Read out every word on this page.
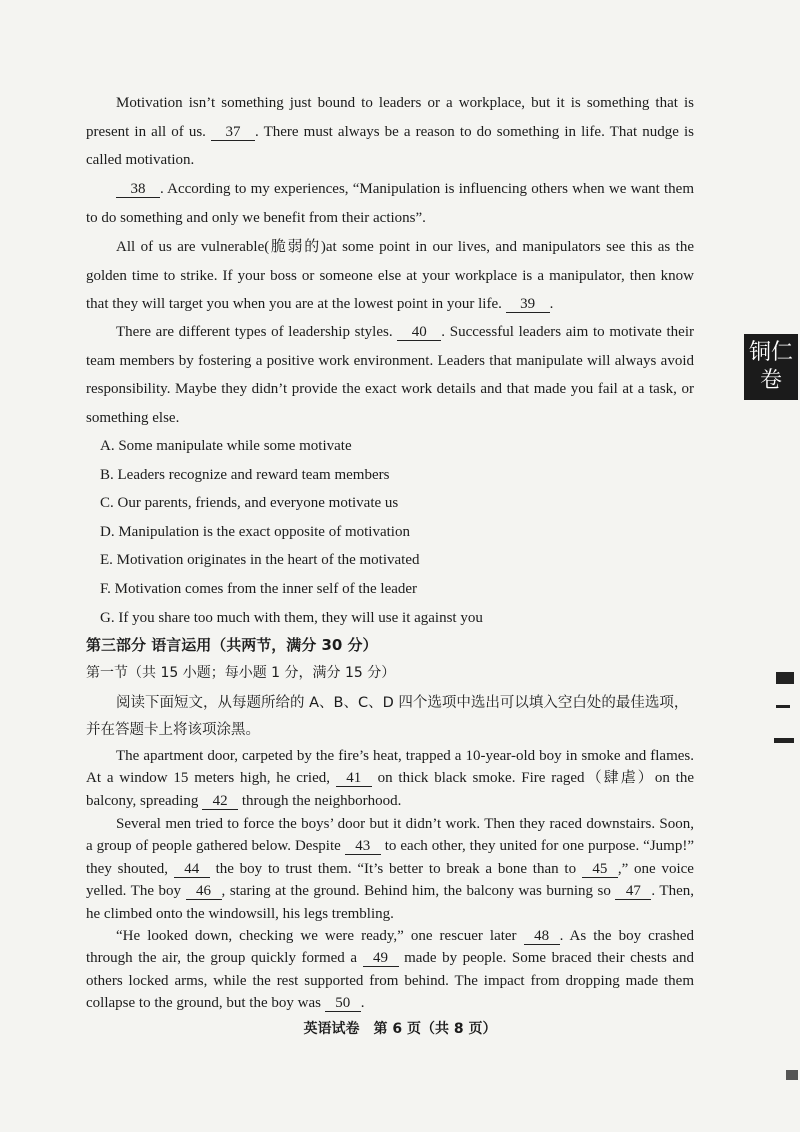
Motivation isn’t something just bound to leaders or a workplace, but it is something that is present in all of us. 37 . There must always be a reason to do something in life. That nudge is called motivation.

38 . According to my experiences, “Manipulation is influencing others when we want them to do something and only we benefit from their actions”.

All of us are vulnerable(脆弱的)at some point in our lives, and manipulators see this as the golden time to strike. If your boss or someone else at your workplace is a manipulator, then know that they will target you when you are at the lowest point in your life. 39 .

There are different types of leadership styles. 40 . Successful leaders aim to motivate their team members by fostering a positive work environment. Leaders that manipulate will always avoid responsibility. Maybe they didn’t provide the exact work details and that made you fail at a task, or something else.

A. Some manipulate while some motivate
B. Leaders recognize and reward team members
C. Our parents, friends, and everyone motivate us
D. Manipulation is the exact opposite of motivation
E. Motivation originates in the heart of the motivated
F. Motivation comes from the inner self of the leader
G. If you share too much with them, they will use it against you
第三部分 语言运用（共两节，满分 30 分）
第一节（共 15 小题；每小题 1 分，满分 15 分）

阅读下面短文，从每题所给的 A、B、C、D 四个选项中选出可以填入空白处的最佳选项，并在答题卡上将该项涂黑。

The apartment door, carpeted by the fire’s heat, trapped a 10-year-old boy in smoke and flames. At a window 15 meters high, he cried, 41 on thick black smoke. Fire raged（肆虐）on the balcony, spreading 42 through the neighborhood.

Several men tried to force the boys’ door but it didn’t work. Then they raced downstairs. Soon, a group of people gathered below. Despite 43 to each other, they united for one purpose. “Jump!” they shouted, 44 the boy to trust them. “It’s better to break a bone than to 45 ,” one voice yelled. The boy 46 , staring at the ground. Behind him, the balcony was burning so 47 . Then, he climbed onto the windowsill, his legs trembling.

“He looked down, checking we were ready,” one rescuer later 48 . As the boy crashed through the air, the group quickly formed a 49 made by people. Some braced their chests and others locked arms, while the rest supported from behind. The impact from dropping made them collapse to the ground, but the boy was 50 .

英语试卷　第 6 页（共 8 页）
铜仁
卷
